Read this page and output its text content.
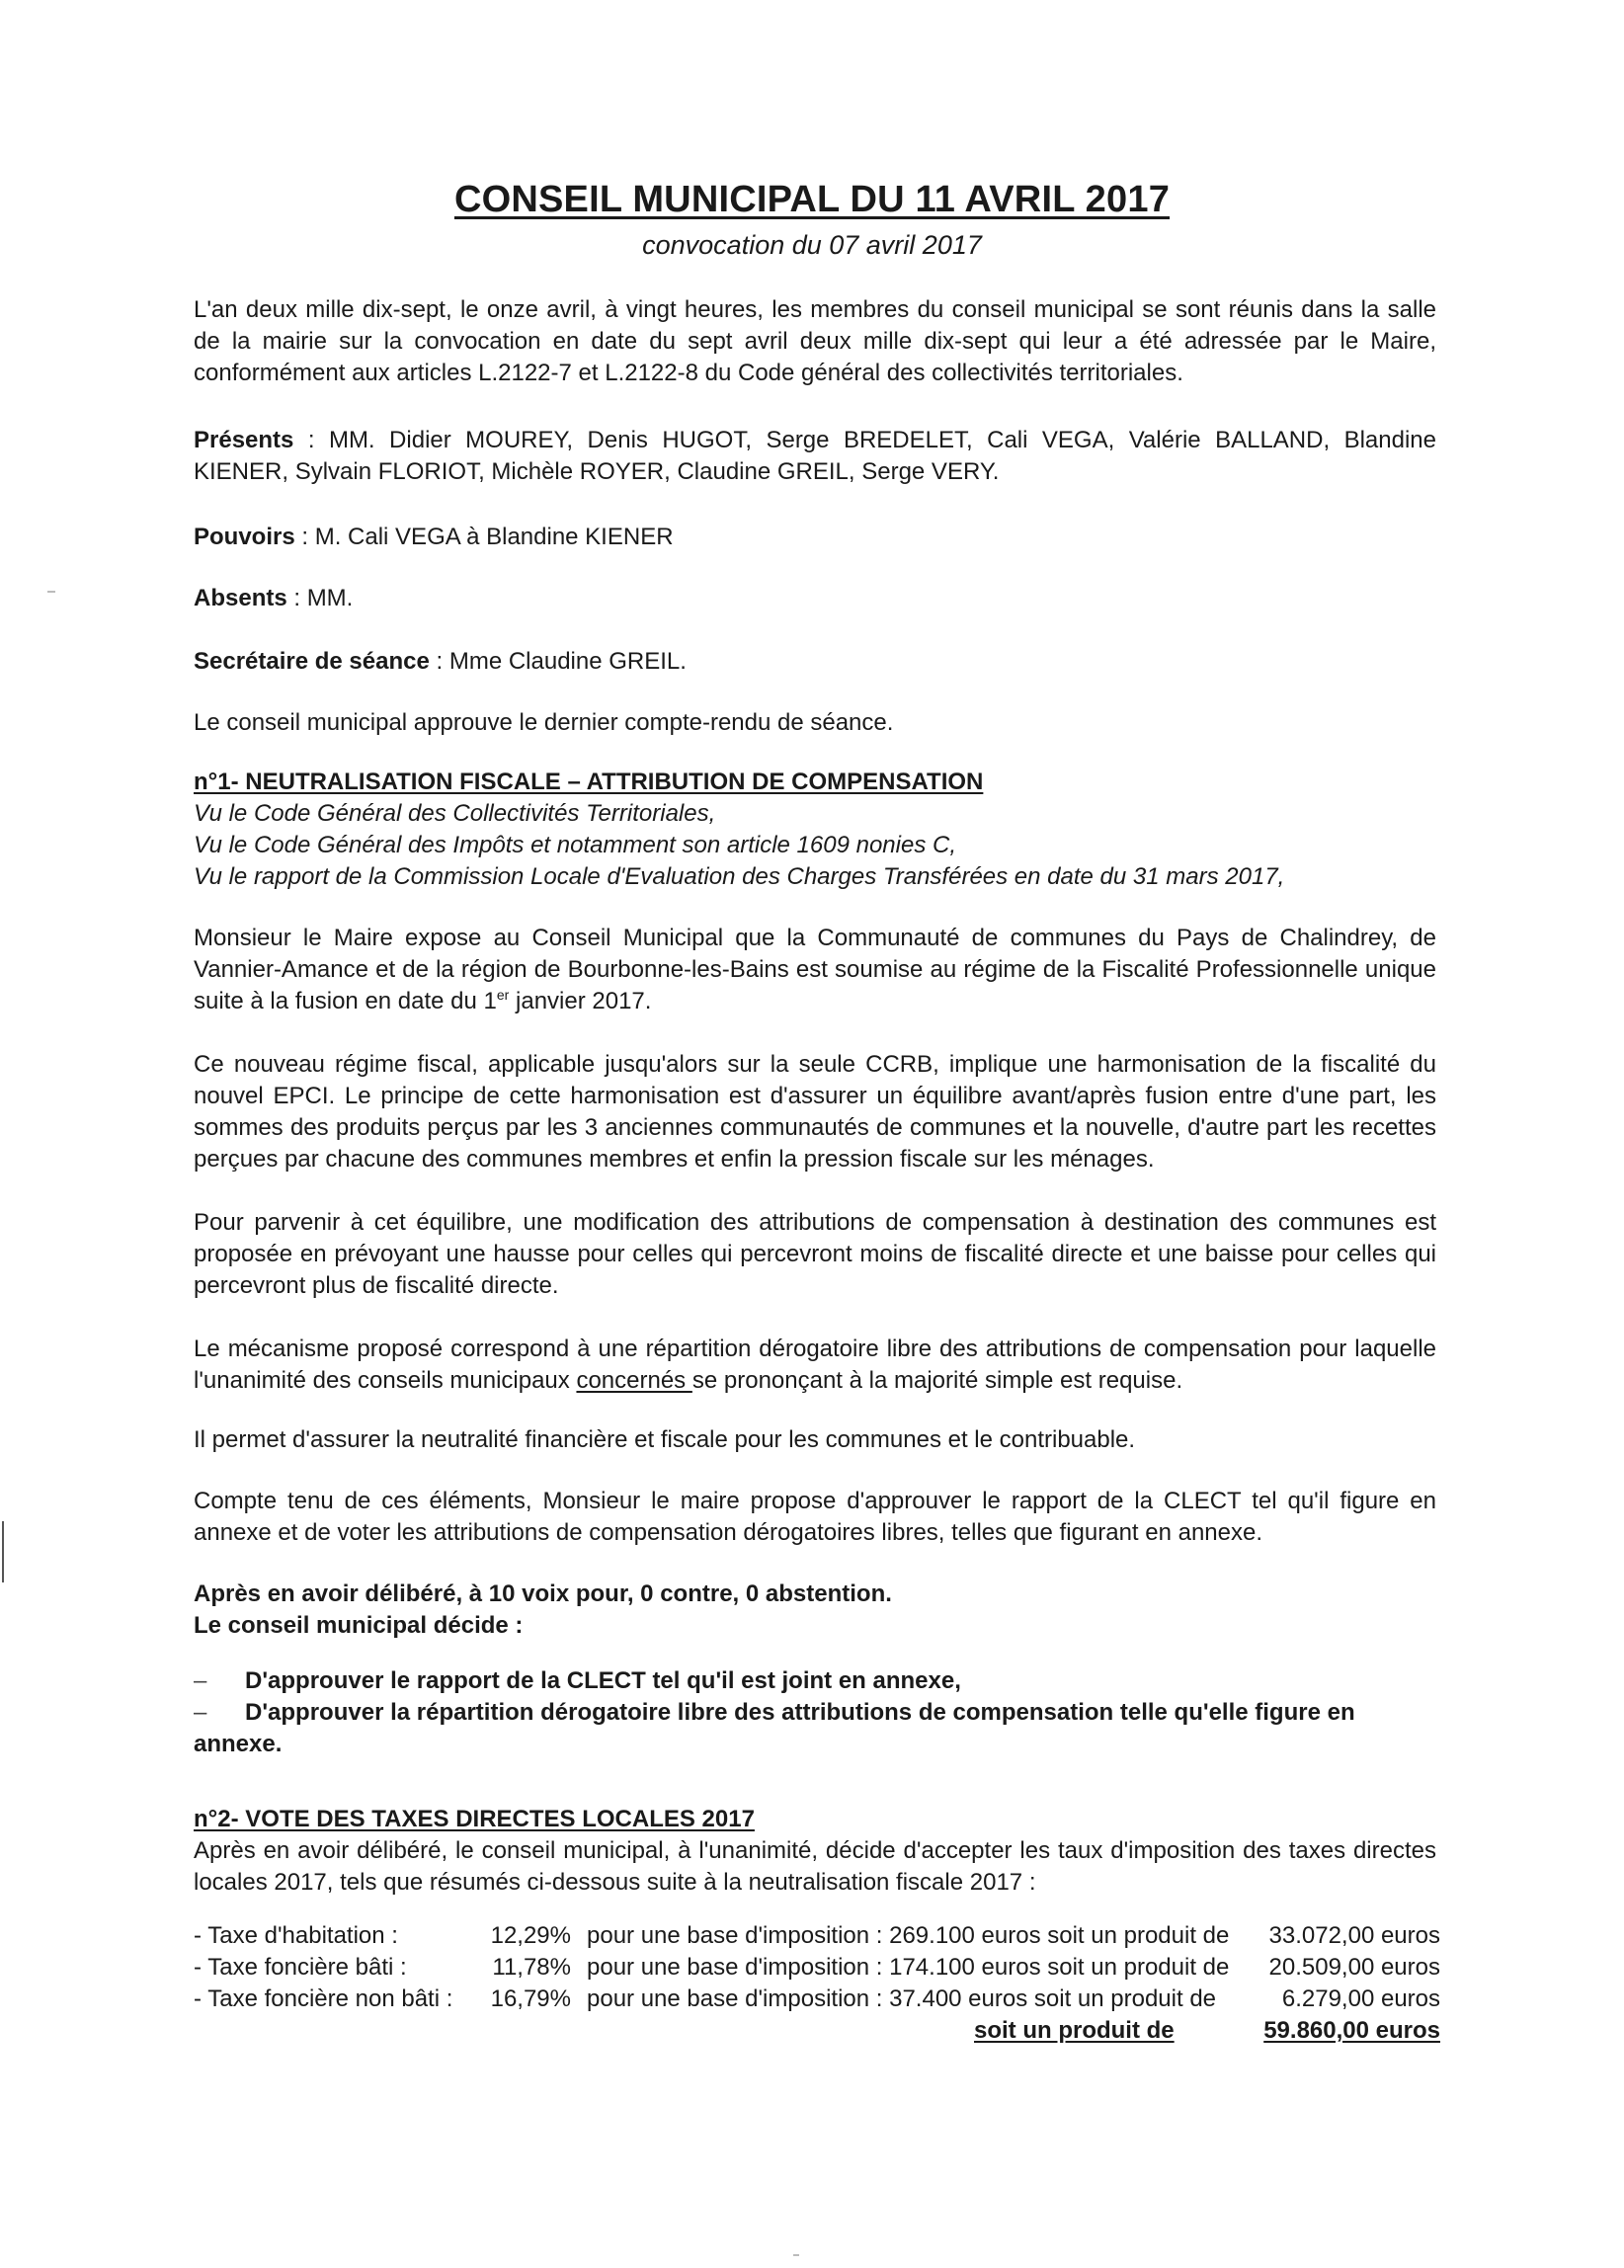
CONSEIL MUNICIPAL DU 11 AVRIL 2017
convocation du 07 avril 2017
L'an deux mille dix-sept, le onze avril, à vingt heures, les membres du conseil municipal se sont réunis dans la salle de la mairie sur la convocation en date du sept avril deux mille dix-sept qui leur a été adressée par le Maire, conformément aux articles L.2122-7 et L.2122-8 du Code général des collectivités territoriales.
Présents : MM. Didier MOUREY, Denis HUGOT, Serge BREDELET, Cali VEGA, Valérie BALLAND, Blandine KIENER, Sylvain FLORIOT, Michèle ROYER, Claudine GREIL, Serge VERY.
Pouvoirs : M. Cali VEGA à Blandine KIENER
Absents : MM.
Secrétaire de séance : Mme Claudine GREIL.
Le conseil municipal approuve le dernier compte-rendu de séance.
n°1- NEUTRALISATION FISCALE – ATTRIBUTION DE COMPENSATION
Vu le Code Général des Collectivités Territoriales,
Vu le Code Général des Impôts et notamment son article 1609 nonies C,
Vu le rapport de la Commission Locale d'Evaluation des Charges Transférées en date du 31 mars 2017,
Monsieur le Maire expose au Conseil Municipal que la Communauté de communes du Pays de Chalindrey, de Vannier-Amance et de la région de Bourbonne-les-Bains est soumise au régime de la Fiscalité Professionnelle unique suite à la fusion en date du 1er janvier 2017.
Ce nouveau régime fiscal, applicable jusqu'alors sur la seule CCRB, implique une harmonisation de la fiscalité du nouvel EPCI. Le principe de cette harmonisation est d'assurer un équilibre avant/après fusion entre d'une part, les sommes des produits perçus par les 3 anciennes communautés de communes et la nouvelle, d'autre part les recettes perçues par chacune des communes membres et enfin la pression fiscale sur les ménages.
Pour parvenir à cet équilibre, une modification des attributions de compensation à destination des communes est proposée en prévoyant une hausse pour celles qui percevront moins de fiscalité directe et une baisse pour celles qui percevront plus de fiscalité directe.
Le mécanisme proposé correspond à une répartition dérogatoire libre des attributions de compensation pour laquelle l'unanimité des conseils municipaux concernés se prononçant à la majorité simple est requise.
Il permet d'assurer la neutralité financière et fiscale pour les communes et le contribuable.
Compte tenu de ces éléments, Monsieur le maire propose d'approuver le rapport de la CLECT tel qu'il figure en annexe et de voter les attributions de compensation dérogatoires libres, telles que figurant en annexe.
Après en avoir délibéré, à 10 voix pour, 0 contre, 0 abstention.
Le conseil municipal décide :
– D'approuver le rapport de la CLECT tel qu'il est joint en annexe,
– D'approuver la répartition dérogatoire libre des attributions de compensation telle qu'elle figure en annexe.
n°2- VOTE DES TAXES DIRECTES LOCALES 2017
Après en avoir délibéré, le conseil municipal, à l'unanimité, décide d'accepter les taux d'imposition des taxes directes locales 2017, tels que résumés ci-dessous suite à la neutralisation fiscale 2017 :
- Taxe d'habitation :	12,29% pour une base d'imposition : 269.100 euros soit un produit de	33.072,00 euros
- Taxe foncière bâti :	11,78% pour une base d'imposition : 174.100 euros soit un produit de	20.509,00 euros
- Taxe foncière non bâti :	16,79% pour une base d'imposition : 37.400 euros soit un produit de	6.279,00 euros
soit un produit de	59.860,00 euros
